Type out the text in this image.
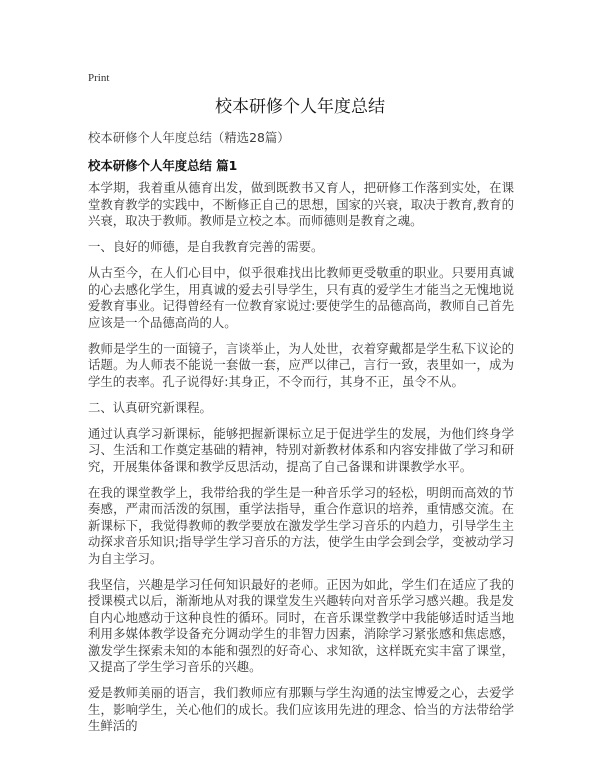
Print
校本研修个人年度总结

校本研修个人年度总结（精选28篇）

校本研修个人年度总结 篇1

本学期，我着重从德育出发，做到既教书又育人，把研修工作落到实处，在课堂教育教学的实践中，不断修正自己的思想，国家的兴衰，取决于教育,教育的兴衰，取决于教师。教师是立校之本。而师德则是教育之魂。

一、良好的师德，是自我教育完善的需要。

从古至今，在人们心目中，似乎很难找出比教师更受敬重的职业。只要用真诚的心去感化学生，用真诚的爱去引导学生，只有真的爱学生才能当之无愧地说爱教育事业。记得曾经有一位教育家说过:要使学生的品德高尚，教师自己首先应该是一个品德高尚的人。

教师是学生的一面镜子，言谈举止，为人处世，衣着穿戴都是学生私下议论的话题。为人师表不能说一套做一套，应严以律己，言行一致，表里如一，成为学生的表率。孔子说得好:其身正，不令而行，其身不正，虽令不从。

二、认真研究新课程。

通过认真学习新课标，能够把握新课标立足于促进学生的发展，为他们终身学习、生活和工作奠定基础的精神，特别对新教材体系和内容安排做了学习和研究，开展集体备课和教学反思活动，提高了自己备课和讲课教学水平。

在我的课堂教学上，我带给我的学生是一种音乐学习的轻松，明朗而高效的节奏感，严肃而活泼的氛围，重学法指导，重合作意识的培养，重情感交流。在新课标下，我觉得教师的教学要放在激发学生学习音乐的内趋力，引导学生主动探求音乐知识;指导学生学习音乐的方法，使学生由学会到会学，变被动学习为自主学习。

我坚信，兴趣是学习任何知识最好的老师。正因为如此，学生们在适应了我的授课模式以后，渐渐地从对我的课堂发生兴趣转向对音乐学习感兴趣。我是发自内心地感动于这种良性的循环。同时，在音乐课堂教学中我能够适时适当地利用多媒体教学设备充分调动学生的非智力因素，消除学习紧张感和焦虑感，激发学生探索未知的本能和强烈的好奇心、求知欲，这样既充实丰富了课堂，又提高了学生学习音乐的兴趣。

爱是教师美丽的语言，我们教师应有那颗与学生沟通的法宝博爱之心，去爱学生，影响学生，关心他们的成长。我们应该用先进的理念、恰当的方法带给学生鲜活的
